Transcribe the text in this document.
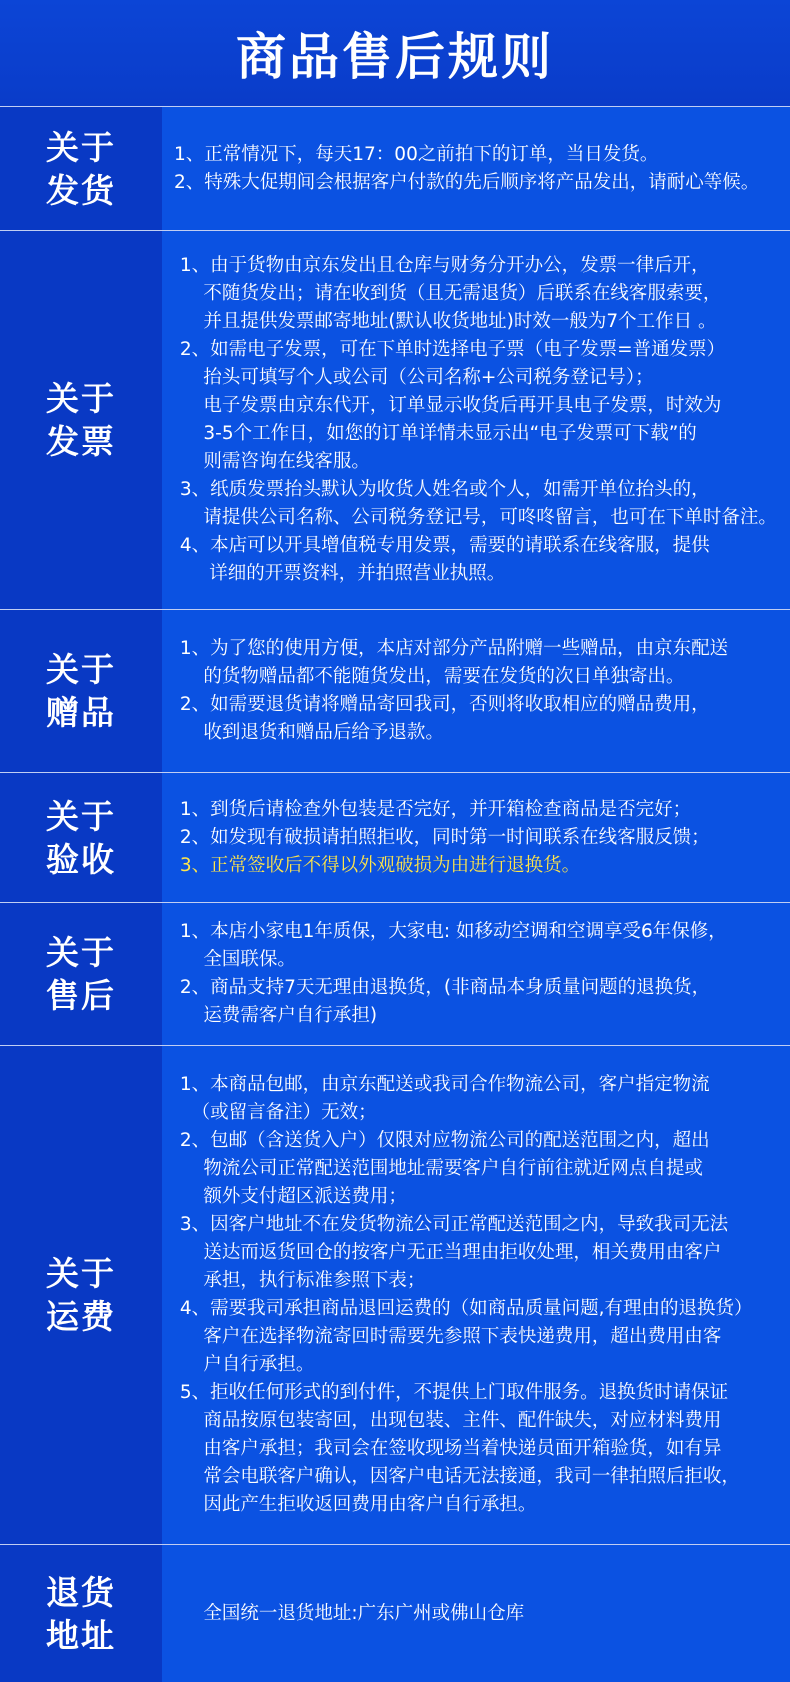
商品售后规则
关于
发货
1、正常情况下，每天17：00之前拍下的订单，当日发货。
2、特殊大促期间会根据客户付款的先后顺序将产品发出，请耐心等候。
关于
发票
1、由于货物由京东发出且仓库与财务分开办公，发票一律后开，
不随货发出；请在收到货（且无需退货）后联系在线客服索要，
并且提供发票邮寄地址(默认收货地址)时效一般为7个工作日 。
2、如需电子发票，可在下单时选择电子票（电子发票=普通发票）
抬头可填写个人或公司（公司名称+公司税务登记号）；
电子发票由京东代开，订单显示收货后再开具电子发票，时效为
3-5个工作日，如您的订单详情未显示出“电子发票可下载”的
则需咨询在线客服。
3、纸质发票抬头默认为收货人姓名或个人，如需开单位抬头的，
请提供公司名称、公司税务登记号，可咚咚留言，也可在下单时备注。
4、本店可以开具增值税专用发票，需要的请联系在线客服，提供
详细的开票资料，并拍照营业执照。
关于
赠品
1、为了您的使用方便，本店对部分产品附赠一些赠品，由京东配送
的货物赠品都不能随货发出，需要在发货的次日单独寄出。
2、如需要退货请将赠品寄回我司，否则将收取相应的赠品费用，
收到退货和赠品后给予退款。
关于
验收
1、到货后请检查外包装是否完好，并开箱检查商品是否完好；
2、如发现有破损请拍照拒收，同时第一时间联系在线客服反馈；
3、正常签收后不得以外观破损为由进行退换货。
关于
售后
1、本店小家电1年质保，大家电: 如移动空调和空调享受6年保修，
全国联保。
2、商品支持7天无理由退换货，(非商品本身质量问题的退换货，
运费需客户自行承担)
关于
运费
1、本商品包邮，由京东配送或我司合作物流公司，客户指定物流
（或留言备注）无效；
2、包邮（含送货入户）仅限对应物流公司的配送范围之内，超出
物流公司正常配送范围地址需要客户自行前往就近网点自提或
额外支付超区派送费用；
3、因客户地址不在发货物流公司正常配送范围之内，导致我司无法
送达而返货回仓的按客户无正当理由拒收处理，相关费用由客户
承担，执行标准参照下表；
4、需要我司承担商品退回运费的（如商品质量问题,有理由的退换货）
客户在选择物流寄回时需要先参照下表快递费用，超出费用由客
户自行承担。
5、拒收任何形式的到付件，不提供上门取件服务。退换货时请保证
商品按原包装寄回，出现包装、主件、配件缺失，对应材料费用
由客户承担；我司会在签收现场当着快递员面开箱验货，如有异
常会电联客户确认，因客户电话无法接通，我司一律拍照后拒收，
因此产生拒收返回费用由客户自行承担。
退货
地址
全国统一退货地址:广东广州或佛山仓库
